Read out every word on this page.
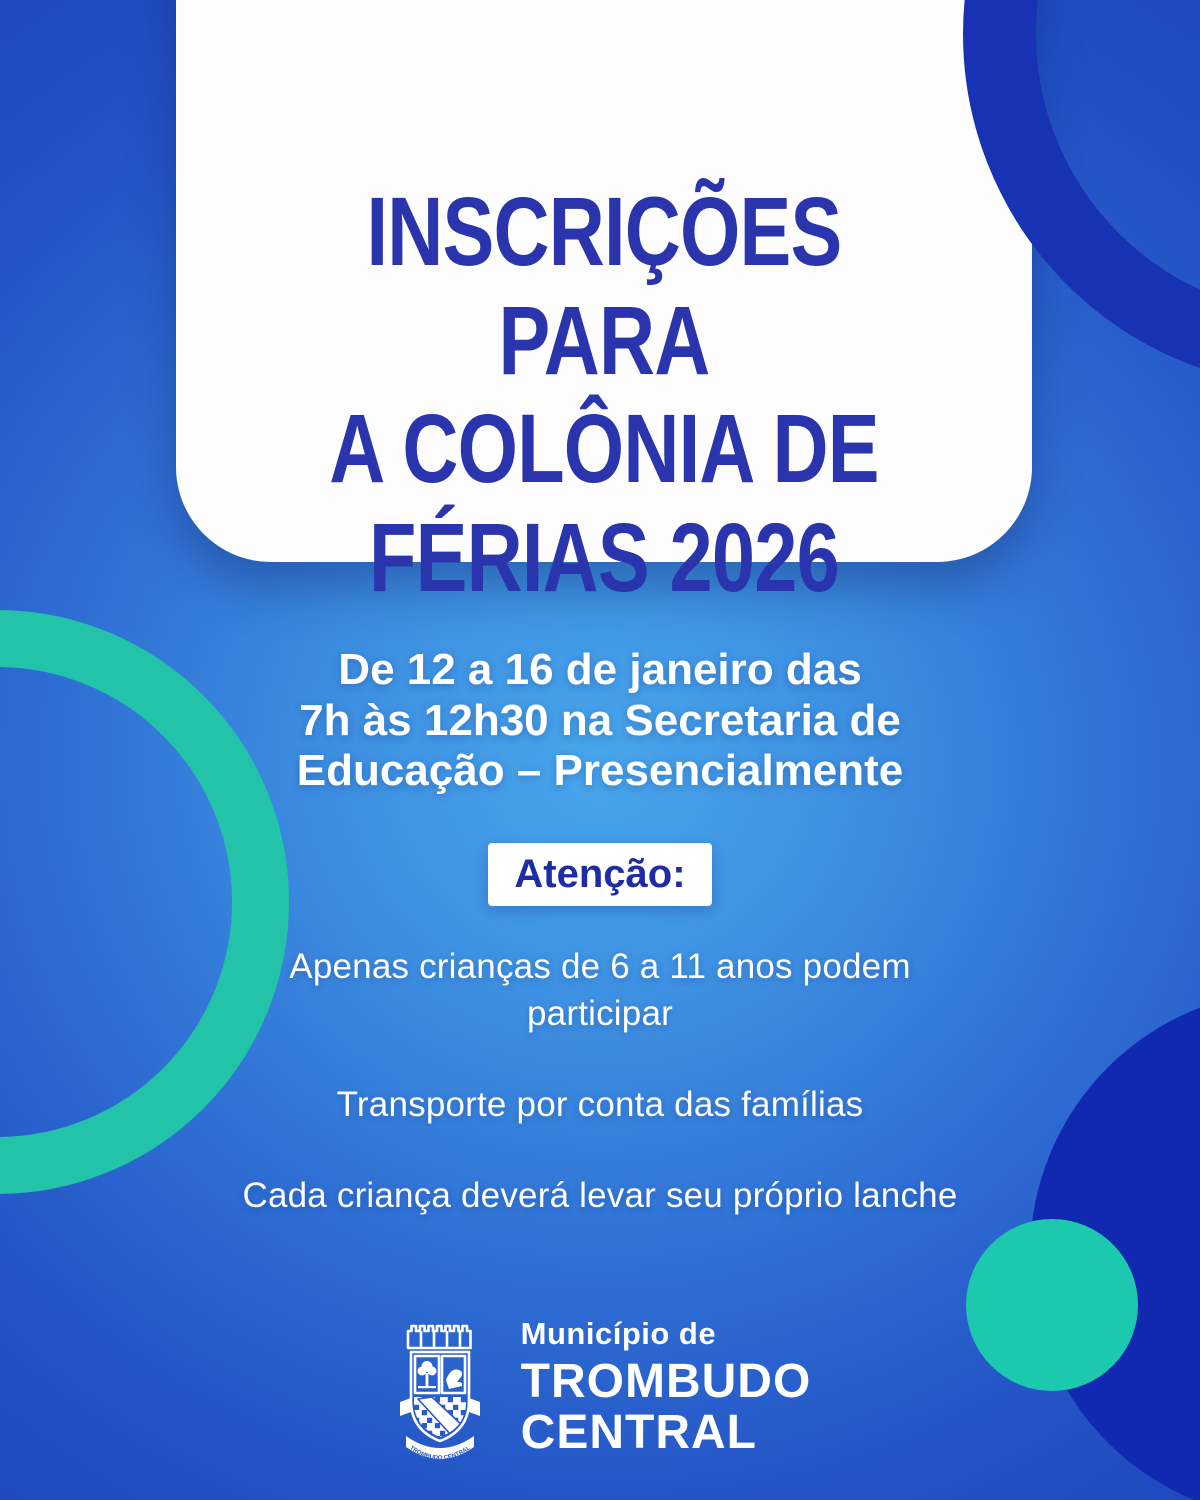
INSCRIÇÕES PARA
A COLÔNIA DE
FÉRIAS 2026
De 12 a 16 de janeiro das
7h às 12h30 na Secretaria de
Educação – Presencialmente
Atenção:
Apenas crianças de 6 a 11 anos podem participar
Transporte por conta das famílias
Cada criança deverá levar seu próprio lanche
TROMBUDO CENTRAL
Município de
TROMBUDO
CENTRAL
